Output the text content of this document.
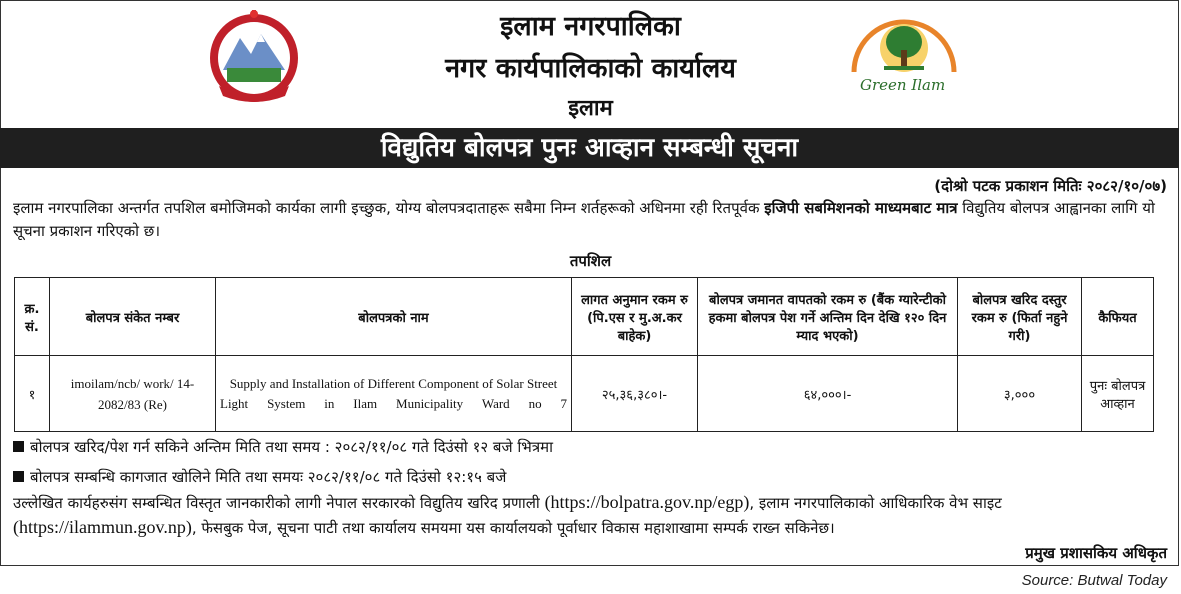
इलाम नगरपालिका
नगर कार्यपालिकाको कार्यालय
इलाम
Green Ilam
विद्युतिय बोलपत्र पुनः आव्हान सम्बन्धी सूचना
(दोश्रो पटक प्रकाशन मितिः २०८२/१०/०७)
इलाम नगरपालिका अन्तर्गत तपशिल बमोजिमको कार्यका लागी इच्छुक, योग्य बोलपत्रदाताहरू सबैमा निम्न शर्तहरूको अधिनमा रही रितपूर्वक इजिपी सबमिशनको माध्यमबाट मात्र विद्युतिय बोलपत्र आह्वानका लागि यो सूचना प्रकाशन गरिएको छ।
तपशिल
क्र. सं.	बोलपत्र संकेत नम्बर	बोलपत्रको नाम	लागत अनुमान रकम रु (पि.एस र मु.अ.कर बाहेक)	बोलपत्र जमानत वापतको रकम रु (बैंक ग्यारेन्टीको हकमा बोलपत्र पेश गर्ने अन्तिम दिन देखि १२० दिन म्याद भएको)	बोलपत्र खरिद दस्तुर रकम रु (फिर्ता नहुने गरी)	कैफियत
१	imoilam/ncb/ work/ 14-2082/83 (Re)	Supply and Installation of Different Component of Solar Street Light System in Ilam Municipality Ward no 7	२५,३६,३८०।-	६४,०००।-	३,०००	पुनः बोलपत्र आव्हान
बोलपत्र खरिद/पेश गर्न सकिने अन्तिम मिति तथा समय : २०८२/११/०८ गते दिउंसो १२ बजे भित्रमा
बोलपत्र सम्बन्धि कागजात खोलिने मिति तथा समयः २०८२/११/०८ गते दिउंसो १२:१५ बजे
उल्लेखित कार्यहरुसंग सम्बन्धित विस्तृत जानकारीको लागी नेपाल सरकारको विद्युतिय खरिद प्रणाली (https://bolpatra.gov.np/egp), इलाम नगरपालिकाको आधिकारिक वेभ साइट (https://ilammun.gov.np), फेसबुक पेज, सूचना पाटी तथा कार्यालय समयमा यस कार्यालयको पूर्वाधार विकास महाशाखामा सम्पर्क राख्न सकिनेछ।
प्रमुख प्रशासकिय अधिकृत
Source: Butwal Today
